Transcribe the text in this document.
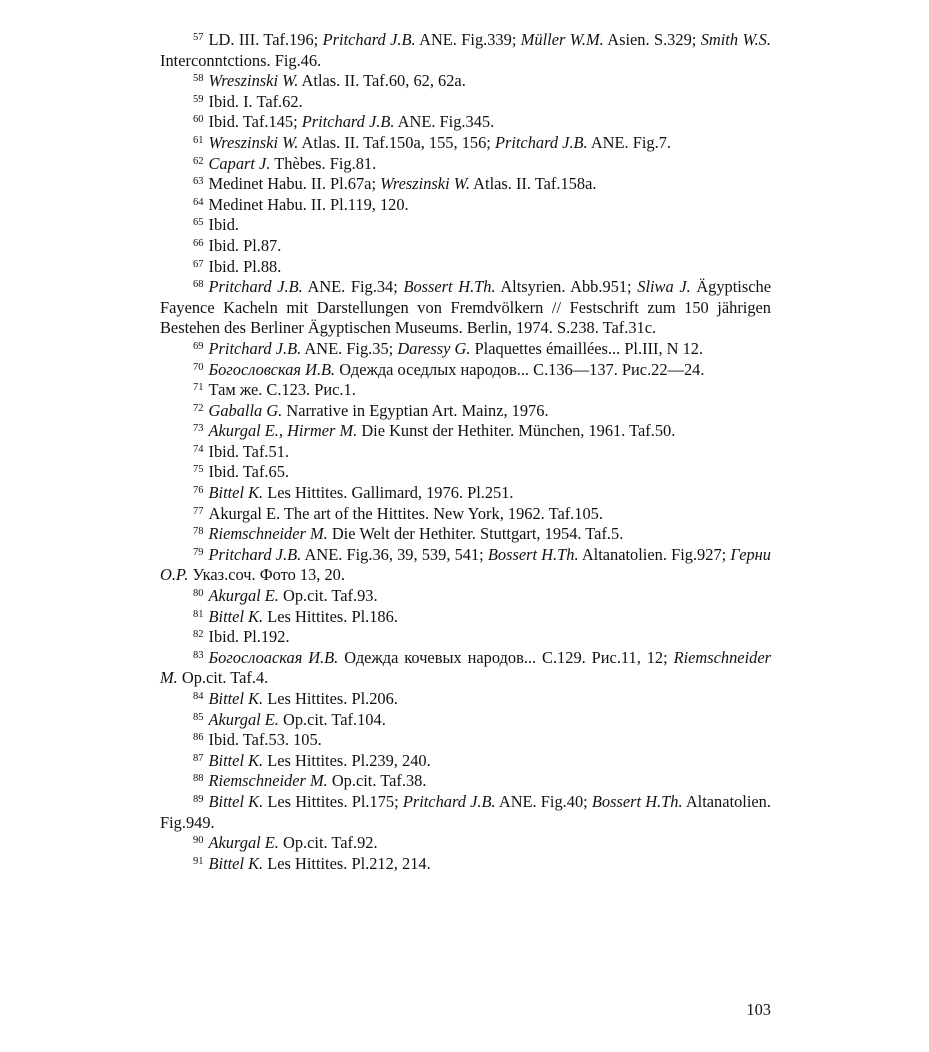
$^{57}$ LD. III. Taf.196; Pritchard J.B. ANE. Fig.339; Müller W.M. Asien. S.329; Smith W.S. Interconntctions. Fig.46.

$^{58}$ Wreszinski W. Atlas. II. Taf.60, 62, 62a.

$^{59}$ Ibid. I. Taf.62.

$^{60}$ Ibid. Taf.145; Pritchard J.B. ANE. Fig.345.

$^{61}$ Wreszinski W. Atlas. II. Taf.150a, 155, 156; Pritchard J.B. ANE. Fig.7.

$^{62}$ Capart J. Thèbes. Fig.81.

$^{63}$ Medinet Habu. II. Pl.67a; Wreszinski W. Atlas. II. Taf.158a.

$^{64}$ Medinet Habu. II. Pl.119, 120.

$^{65}$ Ibid.

$^{66}$ Ibid. Pl.87.

$^{67}$ Ibid. Pl.88.

$^{68}$ Pritchard J.B. ANE. Fig.34; Bossert H.Th. Altsyrien. Abb.951; Sliwa J. Ägyptische Fayence Kacheln mit Darstellungen von Fremdvölkern // Festschrift zum 150 jährigen Bestehen des Berliner Ägyptischen Museums. Berlin, 1974. S.238. Taf.31c.

$^{69}$ Pritchard J.B. ANE. Fig.35; Daressy G. Plaquettes émaillées... Pl.III, N 12.

$^{70}$ Богословская И.В. Одежда оседлых народов... С.136—137. Рис.22—24.

$^{71}$ Там же. С.123. Рис.1.

$^{72}$ Gaballa G. Narrative in Egyptian Art. Mainz, 1976.

$^{73}$ Akurgal E., Hirmer M. Die Kunst der Hethiter. München, 1961. Taf.50.

$^{74}$ Ibid. Taf.51.

$^{75}$ Ibid. Taf.65.

$^{76}$ Bittel K. Les Hittites. Gallimard, 1976. Pl.251.

$^{77}$ Akurgal E. The art of the Hittites. New York, 1962. Taf.105.

$^{78}$ Riemschneider M. Die Welt der Hethiter. Stuttgart, 1954. Taf.5.

$^{79}$ Pritchard J.B. ANE. Fig.36, 39, 539, 541; Bossert H.Th. Altanatolien. Fig.927; Герни О.Р. Указ.соч. Фото 13, 20.

$^{80}$ Akurgal E. Op.cit. Taf.93.

$^{81}$ Bittel K. Les Hittites. Pl.186.

$^{82}$ Ibid. Pl.192.

$^{83}$ Богослоаская И.В. Одежда кочевых народов... С.129. Рис.11, 12; Riemschneider M. Op.cit. Taf.4.

$^{84}$ Bittel K. Les Hittites. Pl.206.

$^{85}$ Akurgal E. Op.cit. Taf.104.

$^{86}$ Ibid. Taf.53. 105.

$^{87}$ Bittel K. Les Hittites. Pl.239, 240.

$^{88}$ Riemschneider M. Op.cit. Taf.38.

$^{89}$ Bittel K. Les Hittites. Pl.175; Pritchard J.B. ANE. Fig.40; Bossert H.Th. Altanatolien. Fig.949.

$^{90}$ Akurgal E. Op.cit. Taf.92.

$^{91}$ Bittel K. Les Hittites. Pl.212, 214.

103
